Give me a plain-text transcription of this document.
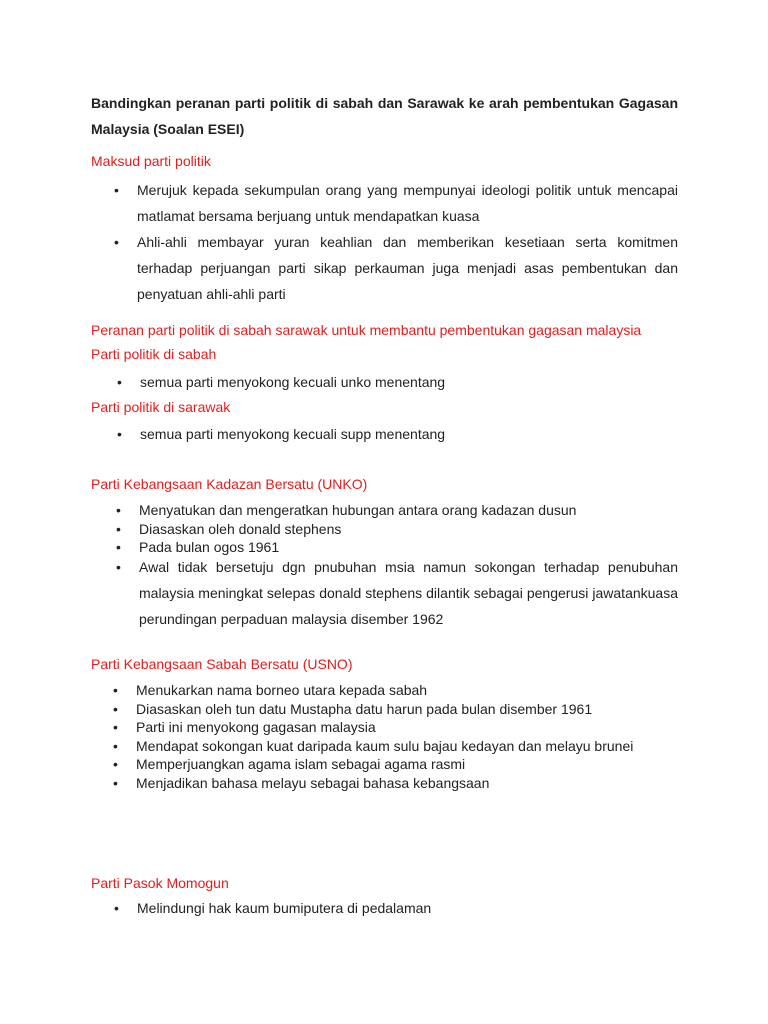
Bandingkan peranan parti politik di sabah dan Sarawak ke arah pembentukan Gagasan Malaysia (Soalan ESEI)
Maksud parti politik
• Merujuk kepada sekumpulan orang yang mempunyai ideologi politik untuk mencapai matlamat bersama berjuang untuk mendapatkan kuasa
• Ahli-ahli membayar yuran keahlian dan memberikan kesetiaan serta komitmen terhadap perjuangan parti sikap perkauman juga menjadi asas pembentukan dan penyatuan ahli-ahli parti
Peranan parti politik di sabah sarawak untuk membantu pembentukan gagasan malaysia
Parti politik di sabah
• semua parti menyokong kecuali unko menentang
Parti politik di sarawak
• semua parti menyokong kecuali supp menentang
Parti Kebangsaan Kadazan Bersatu (UNKO)
• Menyatukan dan mengeratkan hubungan antara orang kadazan dusun
• Diasaskan oleh donald stephens
• Pada bulan ogos 1961
• Awal tidak bersetuju dgn pnubuhan msia namun sokongan terhadap penubuhan malaysia meningkat selepas donald stephens dilantik sebagai pengerusi jawatankuasa perundingan perpaduan malaysia disember 1962
Parti Kebangsaan Sabah Bersatu (USNO)
• Menukarkan nama borneo utara kepada sabah
• Diasaskan oleh tun datu Mustapha datu harun pada bulan disember 1961
• Parti ini menyokong gagasan malaysia
• Mendapat sokongan kuat daripada kaum sulu bajau kedayan dan melayu brunei
• Memperjuangkan agama islam sebagai agama rasmi
• Menjadikan bahasa melayu sebagai bahasa kebangsaan
Parti Pasok Momogun
• Melindungi hak kaum bumiputera di pedalaman
